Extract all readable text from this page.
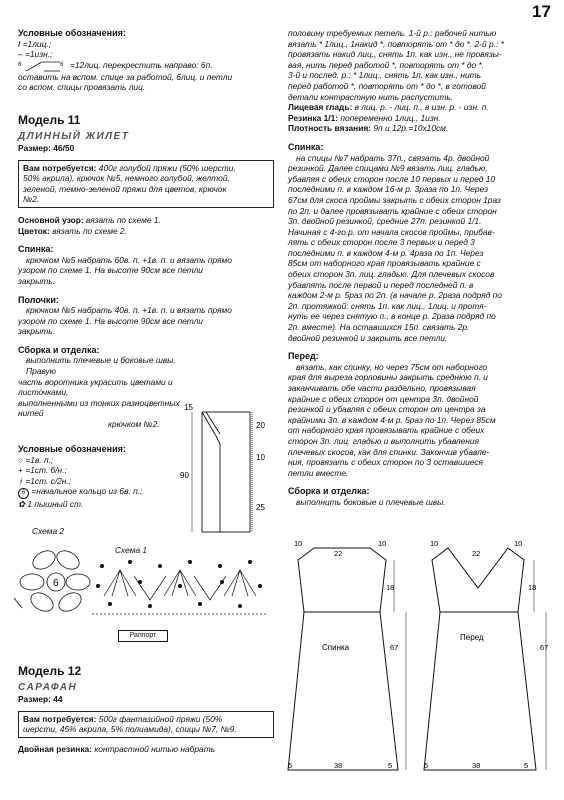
17

Условные обозначения:

I =1лиц.;
– =1изн.;
6	6 =12лиц. перекрестить направо: 6п.

оставить на вспом. спице за работой, 6лиц. и петли

со вспом. спицы провязать лиц.

Модель 11

ДЛИННЫЙ ЖИЛЕТ

Размер: 46/50

Вам потребуется: 400г голубой пряжи (50% шерсти,
50% акрила), крючок №5, немного голубой, желтой,
зеленой, темно-зеленой пряжи для цветов, крючок
№2.

Основной узор: вязать по схеме 1.

Цветок: вязать по схеме 2.

Спинка:

крючком №5 набрать 60в. п. +1в. п. и вязать прямо

узором по схеме 1. На высоте 90см все петли

закрыть.

Полочки:

крючком №5 набрать 40в. п. +1в. п. и вязать прямо

узором по схеме 1. На высоте 90см все петли

закрыть.

Сборка и отделка:

выполнить плечевые и боковые швы. Правую

часть воротника украсить цветами и листочками,

выполненными из тонких разноцветных нитей

крючком №2.

Условные обозначения:

○ =1в. п.;
+ =1ст. б/н.;
ᚼ =1ст. с/2н.;
6 =начальное кольцо из 6в. п.;
✿ 1 пышный ст.
15
20
90
10
25
Схема 2
6
Схема 1
Раппорт

Модель 12

САРАФАН

Размер: 44

Вам потребуется: 500г фантазийной пряжи (50%
шерсти, 45% акрила, 5% полиамида), спицы №7, №9.

Двойная резинка: контрастной нитью набрать

половину требуемых петель. 1-й р.: рабочей нитью

вязать * 1лиц., 1накид *, повторять от * до *. 2-й р.: *

провязать накид лиц., снять 1п. как изн., не провязы-

вая, нить перед работой *, повторять от * до *.

3-й и послед. р.: * 1лиц., снять 1п. как изн., нить

перед работой *, повторять от * до *, в готовой

детали контрастную нить распустить.

Лицевая гладь: в лиц. р. - лиц. п., в изн. р. - изн. п.

Резинка 1/1: попеременно 1лиц., 1изн.

Плотность вязания: 9п и 12р.=10х10см.

Спинка:

на спицы №7 набрать 37п., связать 4р. двойной

резинкой. Далее спицами №9 вязать лиц. гладью,

убавляя с обеих сторон после 10 первых и перед 10

последними п. в каждом 16-м р. 3раза по 1п. Через

67см для скоса проймы закрыть с обеих сторон 1раз

по 2п. и далее провязывать крайние с обеих сторон

3п. двойной резинкой, средние 27п. резинкой 1/1.

Начиная с 4-го р. от начала скосов проймы, прибав-

лять с обеих сторон после 3 первых и перед 3

последними п. в каждом 4-м р. 4раза по 1п. Через

85см от наборного края провязывать крайние с

обеих сторон 3п. лиц. гладью. Для плечевых скосов

убавлять после первой и перед последней п. в

каждом 2-м р. 5раз по 2п. (в начале р. 2раза подряд по

2п. протяжкой: снять 1п. как лиц., 1лиц. и протя-

нуть ее через снятую п., в конце р. 2раза подряд по

2п. вместе). На оставшихся 15п. связать 2р.

двойной резинкой и закрыть все петли.

Перед:

вязать, как спинку, но через 75см от наборного

края для выреза горловины закрыть среднюю п. и

заканчивать обе части раздельно, провязывая

крайние с обеих сторон от центра 3п. двойной

резинкой и убавляя с обеих сторон от центра за

крайними 3п. в каждом 4-м р. 5раз по 1п. Через 85см

от наборного края провязывать крайние с обеих

сторон 3п. лиц. гладью и выполнить убавления

плечевых скосов, как для спинки. Закончив убавле-

ния, провязать с обеих сторон по 3 оставшиеся

петли вместе.

Сборка и отделка:

выполнить боковые и плечевые швы.

10
22
10
18
67
5	38	5
Спинка
10
22
10
18
67
5	38	5
Перед
